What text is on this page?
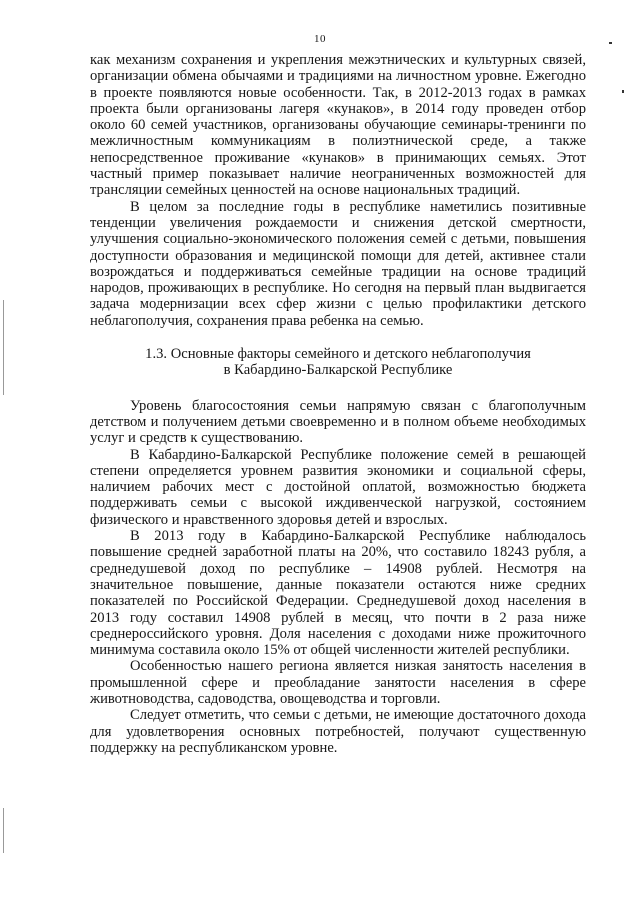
10

как механизм сохранения и укрепления межэтнических и культурных связей, организации обмена обычаями и традициями на личностном уровне. Ежегодно в проекте появляются новые особенности. Так, в 2012-2013 годах в рамках проекта были организованы лагеря «кунаков», в 2014 году проведен отбор около 60 семей участников, организованы обучающие семинары-тренинги по межличностным коммуникациям в полиэтнической среде, а также непосредственное проживание «кунаков» в принимающих семьях. Этот частный пример показывает наличие неограниченных возможностей для трансляции семейных ценностей на основе национальных традиций.

В целом за последние годы в республике наметились позитивные тенденции увеличения рождаемости и снижения детской смертности, улучшения социально-экономического положения семей с детьми, повышения доступности образования и медицинской помощи для детей, активнее стали возрождаться и поддерживаться семейные традиции на основе традиций народов, проживающих в республике. Но сегодня на первый план выдвигается задача модернизации всех сфер жизни с целью профилактики детского неблагополучия, сохранения права ребенка на семью.

1.3. Основные факторы семейного и детского неблагополучия
в Кабардино-Балкарской Республике

Уровень благосостояния семьи напрямую связан с благополучным детством и получением детьми своевременно и в полном объеме необходимых услуг и средств к существованию.

В Кабардино-Балкарской Республике положение семей в решающей степени определяется уровнем развития экономики и социальной сферы, наличием рабочих мест с достойной оплатой, возможностью бюджета поддерживать семьи с высокой иждивенческой нагрузкой, состоянием физического и нравственного здоровья детей и взрослых.

В 2013 году в Кабардино-Балкарской Республике наблюдалось повышение средней заработной платы на 20%, что составило 18243 рубля, а среднедушевой доход по республике – 14908 рублей. Несмотря на значительное повышение, данные показатели остаются ниже средних показателей по Российской Федерации. Среднедушевой доход населения в 2013 году составил 14908 рублей в месяц, что почти в 2 раза ниже среднероссийского уровня. Доля населения с доходами ниже прожиточного минимума составила около 15% от общей численности жителей республики.

Особенностью нашего региона является низкая занятость населения в промышленной сфере и преобладание занятости населения в сфере животноводства, садоводства, овощеводства и торговли.

Следует отметить, что семьи с детьми, не имеющие достаточного дохода для удовлетворения основных потребностей, получают существенную поддержку на республиканском уровне.
